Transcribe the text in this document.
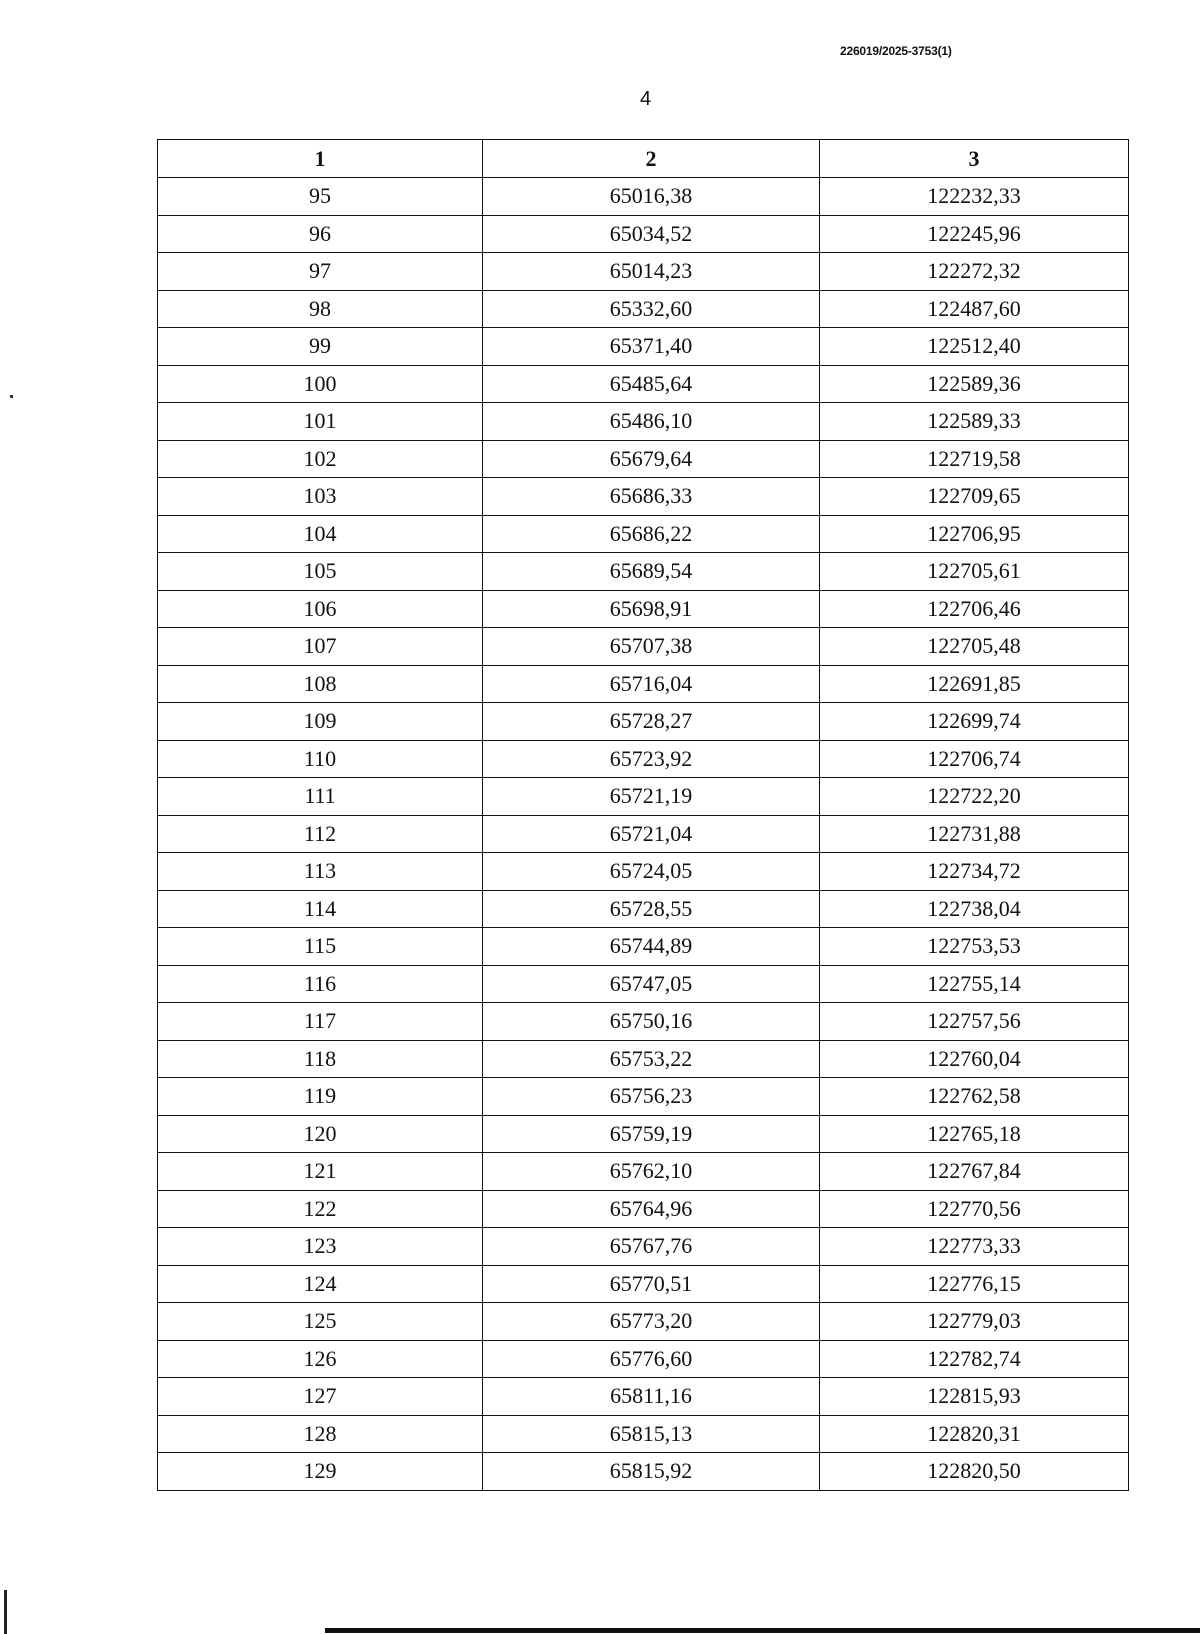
226019/2025-3753(1)
4
1	2	3
95	65016,38	122232,33
96	65034,52	122245,96
97	65014,23	122272,32
98	65332,60	122487,60
99	65371,40	122512,40
100	65485,64	122589,36
101	65486,10	122589,33
102	65679,64	122719,58
103	65686,33	122709,65
104	65686,22	122706,95
105	65689,54	122705,61
106	65698,91	122706,46
107	65707,38	122705,48
108	65716,04	122691,85
109	65728,27	122699,74
110	65723,92	122706,74
111	65721,19	122722,20
112	65721,04	122731,88
113	65724,05	122734,72
114	65728,55	122738,04
115	65744,89	122753,53
116	65747,05	122755,14
117	65750,16	122757,56
118	65753,22	122760,04
119	65756,23	122762,58
120	65759,19	122765,18
121	65762,10	122767,84
122	65764,96	122770,56
123	65767,76	122773,33
124	65770,51	122776,15
125	65773,20	122779,03
126	65776,60	122782,74
127	65811,16	122815,93
128	65815,13	122820,31
129	65815,92	122820,50
